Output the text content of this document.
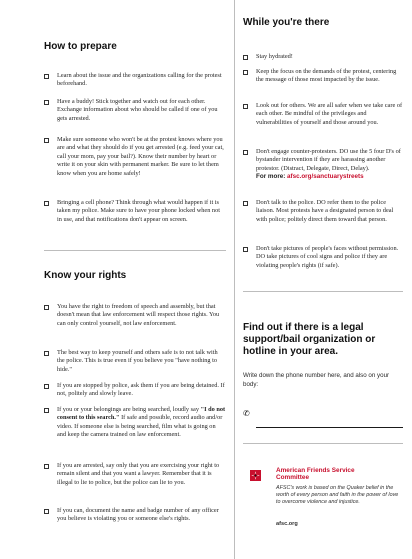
How to prepare
Learn about the issue and the organizations calling for the protest beforehand.
Have a buddy! Stick together and watch out for each other. Exchange information about who should be called if one of you gets arrested.
Make sure someone who won't be at the protest knows where you are and what they should do if you get arrested (e.g. feed your cat, call your mom, pay your bail?). Know their number by heart or write it on your skin with permanent marker. Be sure to let them know when you are home safely!
Bringing a cell phone? Think through what would happen if it is taken my police. Make sure to have your phone locked when not in use, and that notifications don't appear on screen.
Know your rights
You have the right to freedom of speech and assembly, but that doesn't mean that law enforcement will respect those rights. You can only control yourself, not law enforcement.
The best way to keep yourself and others safe is to not talk with the police. This is true even if you believe you "have nothing to hide."
If you are stopped by police, ask them if you are being detained. If not, politely and slowly leave.
If you or your belongings are being searched, loudly say "I do not consent to this search." If safe and possible, record audio and/or video. If someone else is being searched, film what is going on and keep the camera trained on law enforcement.
If you are arrested, say only that you are exercising your right to remain silent and that you want a lawyer. Remember that it is illegal to lie to police, but the police can lie to you.
If you can, document the name and badge number of any officer you believe is violating you or someone else's rights.
While you're there
Stay hydrated!
Keep the focus on the demands of the protest, centering the message of those most impacted by the issue.
Look out for others. We are all safer when we take care of each other. Be mindful of the privileges and vulnerabilities of yourself and those around you.
Don't engage counter-protesters. DO use the 5 four D's of bystander intervention if they are harassing another protestor. (Distract, Delegate, Direct, Delay).
For more: afsc.org/sanctuarystreets
Don't talk to the police. DO refer them to the police liaison. Most protests have a designated person to deal with police; politely direct them toward that person.
Don't take pictures of people's faces without permission. DO take pictures of cool signs and police if they are violating people's rights (if safe).
Find out if there is a legal support/bail organization or hotline in your area.
Write down the phone number here, and also on your body:
✆
American Friends Service Committee
AFSC's work is based on the Quaker belief in the worth of every person and faith in the power of love to overcome violence and injustice.
afsc.org
